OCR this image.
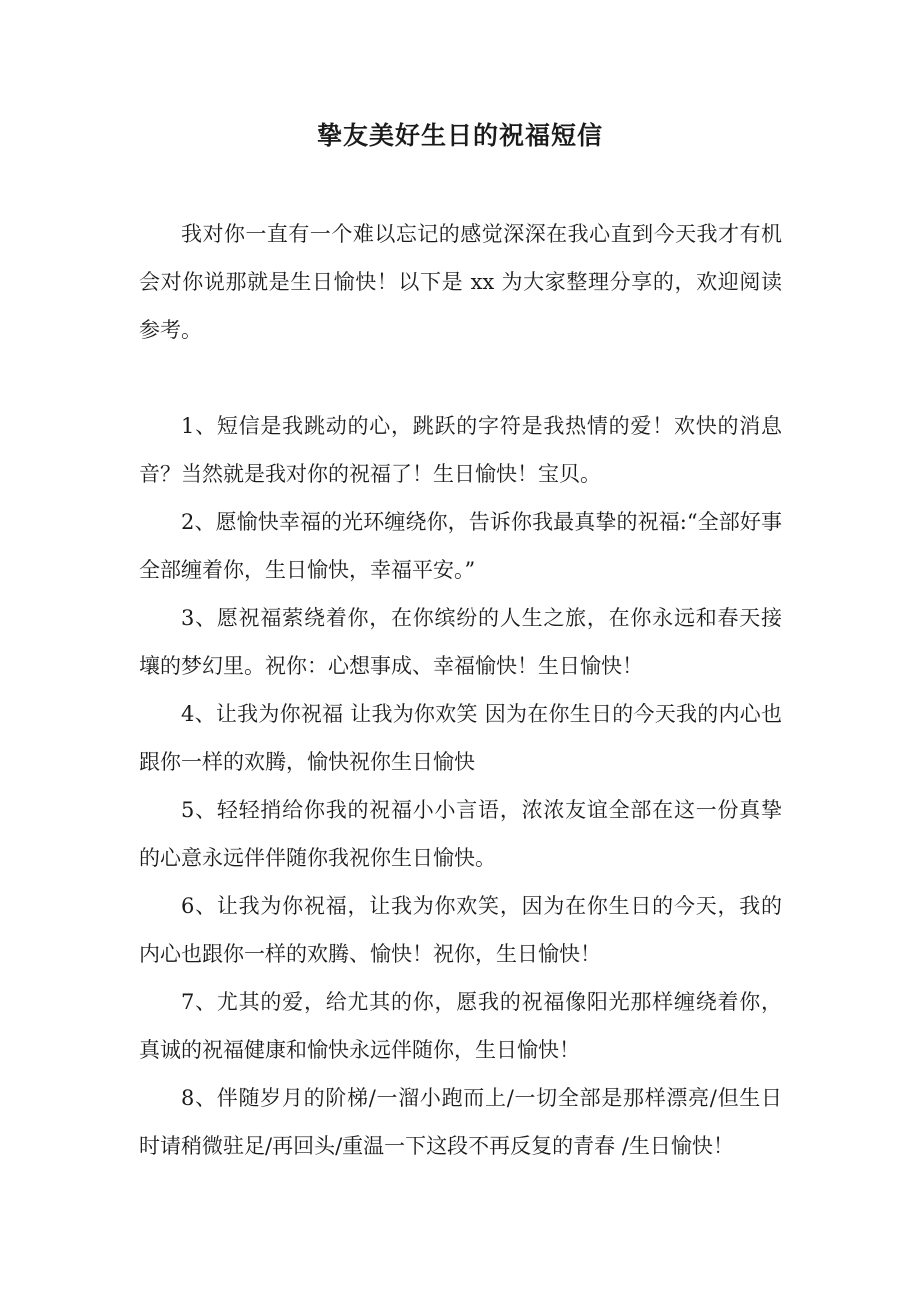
挚友美好生日的祝福短信

我对你一直有一个难以忘记的感觉深深在我心直到今天我才有机会对你说那就是生日愉快！以下是 xx 为大家整理分享的，欢迎阅读参考。

1、短信是我跳动的心，跳跃的字符是我热情的爱！欢快的消息音？当然就是我对你的祝福了！生日愉快！宝贝。

2、愿愉快幸福的光环缠绕你，告诉你我最真挚的祝福:“全部好事全部缠着你，生日愉快，幸福平安。”

3、愿祝福萦绕着你，在你缤纷的人生之旅，在你永远和春天接壤的梦幻里。祝你：心想事成、幸福愉快！生日愉快！

4、让我为你祝福 让我为你欢笑 因为在你生日的今天我的内心也跟你一样的欢腾，愉快祝你生日愉快

5、轻轻捎给你我的祝福小小言语，浓浓友谊全部在这一份真挚的心意永远伴伴随你我祝你生日愉快。

6、让我为你祝福，让我为你欢笑，因为在你生日的今天，我的内心也跟你一样的欢腾、愉快！祝你，生日愉快！

7、尤其的爱，给尤其的你，愿我的祝福像阳光那样缠绕着你，真诚的祝福健康和愉快永远伴随你，生日愉快！

8、伴随岁月的阶梯/一溜小跑而上/一切全部是那样漂亮/但生日时请稍微驻足/再回头/重温一下这段不再反复的青春 /生日愉快！
